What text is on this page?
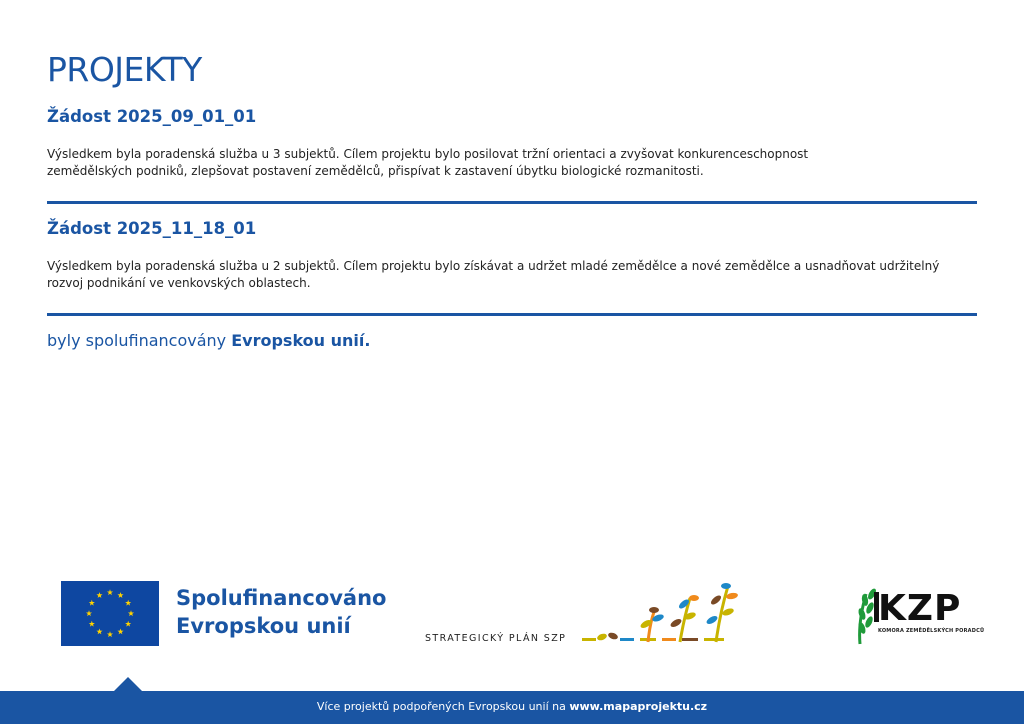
PROJEKTY
Žádost 2025_09_01_01

Výsledkem byla poradenská služba u 3 subjektů. Cílem projektu bylo posilovat tržní orientaci a zvyšovat konkurenceschopnost zemědělských podniků, zlepšovat postavení zemědělců, přispívat k zastavení úbytku biologické rozmanitosti.

Žádost 2025_11_18_01

Výsledkem byla poradenská služba u 2 subjektů. Cílem projektu bylo získávat a udržet mladé zemědělce a nové zemědělce a usnadňovat udržitelný rozvoj podnikání ve venkovských oblastech.

byly spolufinancovány Evropskou unií.
Spolufinancováno
Evropskou unií
STRATEGICKÝ PLÁN SZP
KZP
KOMORA ZEMĚDĚLSKÝCH PORADCŮ
Více projektů podpořených Evropskou unií na www.mapaprojektu.cz
